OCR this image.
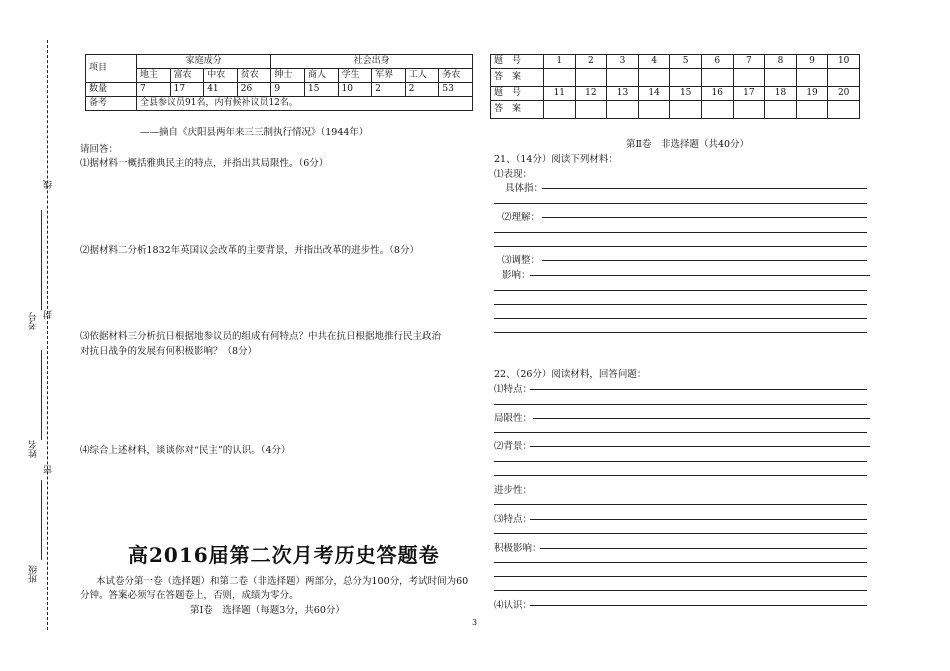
线
封
密
考号
姓名
班级
项目	家庭成分				社会出身					
	地主	富农	中农	贫农	绅士	商人	学生	军界	工人	务农
数量	7	17	41	26	9	15	10	2	2	53
备考	全县参议员91名，内有候补议员12名。									
——摘自《庆阳县两年来三三制执行情况》（1944年）
请回答：
⑴据材料一概括雅典民主的特点，并指出其局限性。（6分）
⑵据材料二分析1832年英国议会改革的主要背景，并指出改革的进步性。（8分）
⑶依据材料三分析抗日根据地参议员的组成有何特点？中共在抗日根据地推行民主政治
对抗日战争的发展有何积极影响？（8分）
⑷综合上述材料，谈谈你对“民主”的认识。（4分）
高2016届第二次月考历史答题卷
本试卷分第一卷（选择题）和第二卷（非选择题）两部分，总分为100分，考试时间为60
分钟。答案必须写在答题卷上，否则，成绩为零分。
第Ⅰ卷　选择题（每题3分，共60分）
3
题　号	1	2	3	4	5	6	7	8	9	10
答　案										
题　号	11	12	13	14	15	16	17	18	19	20
答　案										
第Ⅱ卷　非选择题（共40分）
21、（14分）阅读下列材料：
⑴表现：
具体指：
⑵理解：
⑶调整：
影响：
22、（26分）阅读材料，回答问题：
⑴特点：
局限性：
⑵背景：
进步性：
⑶特点：
积极影响：
⑷认识：
